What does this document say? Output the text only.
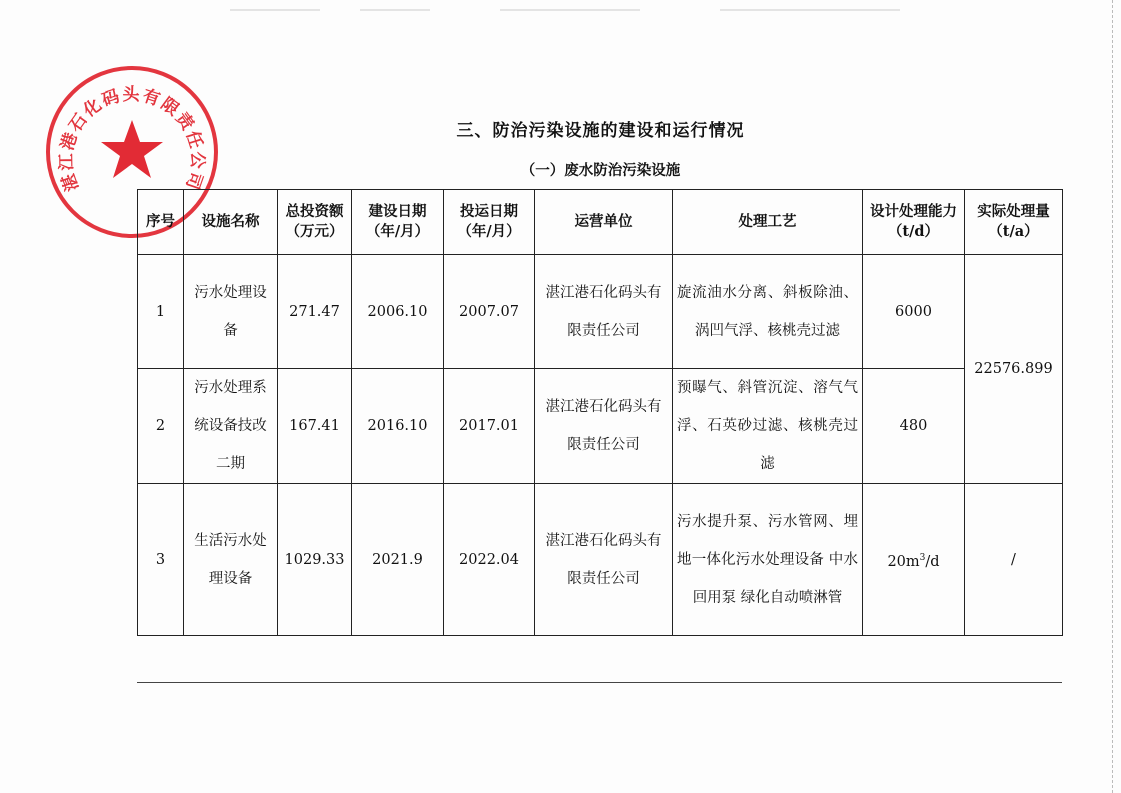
湛江港石化码头有限责任公司
三、防治污染设施的建设和运行情况
（一）废水防治污染设施
序号	设施名称	总投资额（万元）	建设日期（年/月）	投运日期（年/月）	运营单位	处理工艺	设计处理能力（t/d）	实际处理量（t/a）
1	污水处理设备	271.47	2006.10	2007.07	湛江港石化码头有限责任公司	旋流油水分离、斜板除油、涡凹气浮、核桃壳过滤	6000	22576.899
2	污水处理系统设备技改二期	167.41	2016.10	2017.01	湛江港石化码头有限责任公司	预曝气、斜管沉淀、溶气气浮、石英砂过滤、核桃壳过滤	480	
3	生活污水处理设备	1029.33	2021.9	2022.04	湛江港石化码头有限责任公司	污水提升泵、污水管网、埋地一体化污水处理设备 中水回用泵 绿化自动喷淋管	$20m^3/d$	/
